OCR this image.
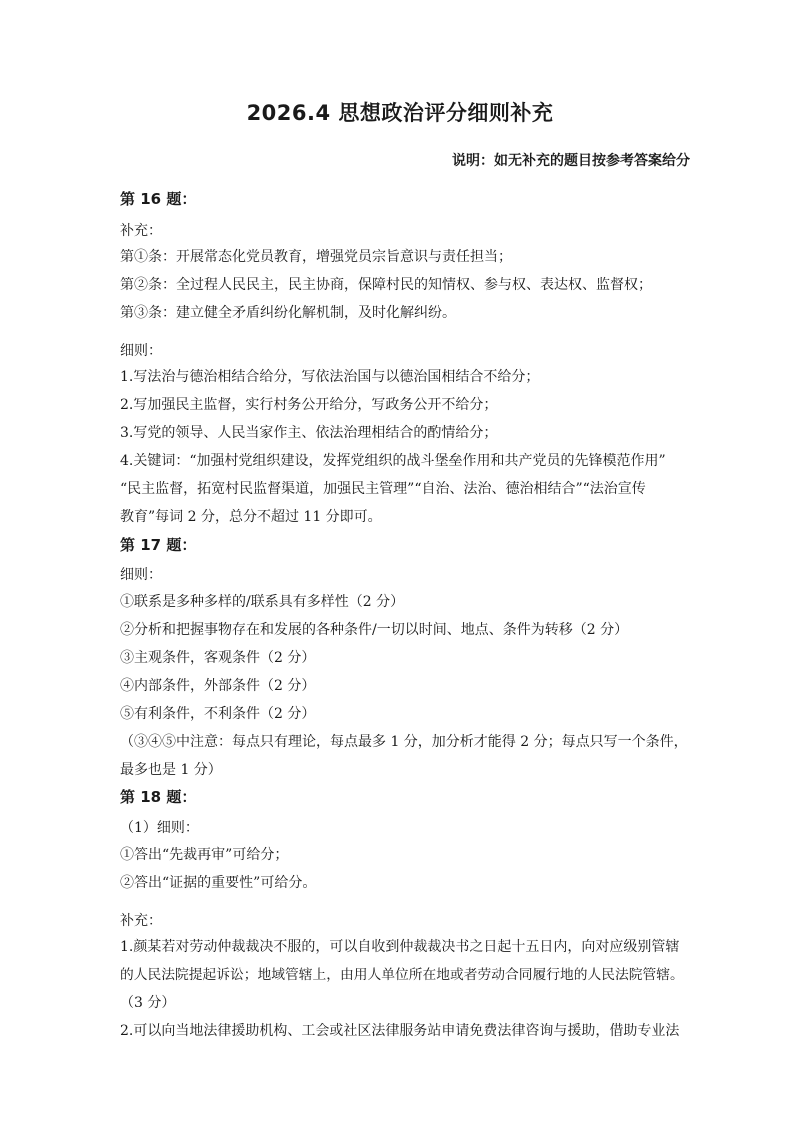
2026.4 思想政治评分细则补充
说明：如无补充的题目按参考答案给分
第 16 题：
补充：
第①条：开展常态化党员教育，增强党员宗旨意识与责任担当；
第②条：全过程人民民主，民主协商，保障村民的知情权、参与权、表达权、监督权；
第③条：建立健全矛盾纠纷化解机制，及时化解纠纷。
细则：
1.写法治与德治相结合给分，写依法治国与以德治国相结合不给分；
2.写加强民主监督，实行村务公开给分，写政务公开不给分；
3.写党的领导、人民当家作主、依法治理相结合的酌情给分；
4.关键词：“加强村党组织建设，发挥党组织的战斗堡垒作用和共产党员的先锋模范作用”
“民主监督，拓宽村民监督渠道，加强民主管理”“自治、法治、德治相结合”“法治宣传
教育”每词 2 分，总分不超过 11 分即可。
第 17 题：
细则：
①联系是多种多样的/联系具有多样性（2 分）
②分析和把握事物存在和发展的各种条件/一切以时间、地点、条件为转移（2 分）
③主观条件，客观条件（2 分）
④内部条件，外部条件（2 分）
⑤有利条件，不利条件（2 分）
（③④⑤中注意：每点只有理论，每点最多 1 分，加分析才能得 2 分；每点只写一个条件，
最多也是 1 分）
第 18 题：
（1）细则：
①答出“先裁再审”可给分；
②答出“证据的重要性”可给分。
补充：
1.颜某若对劳动仲裁裁决不服的，可以自收到仲裁裁决书之日起十五日内，向对应级别管辖
的人民法院提起诉讼；地域管辖上，由用人单位所在地或者劳动合同履行地的人民法院管辖。
（3 分）
2.可以向当地法律援助机构、工会或社区法律服务站申请免费法律咨询与援助，借助专业法
